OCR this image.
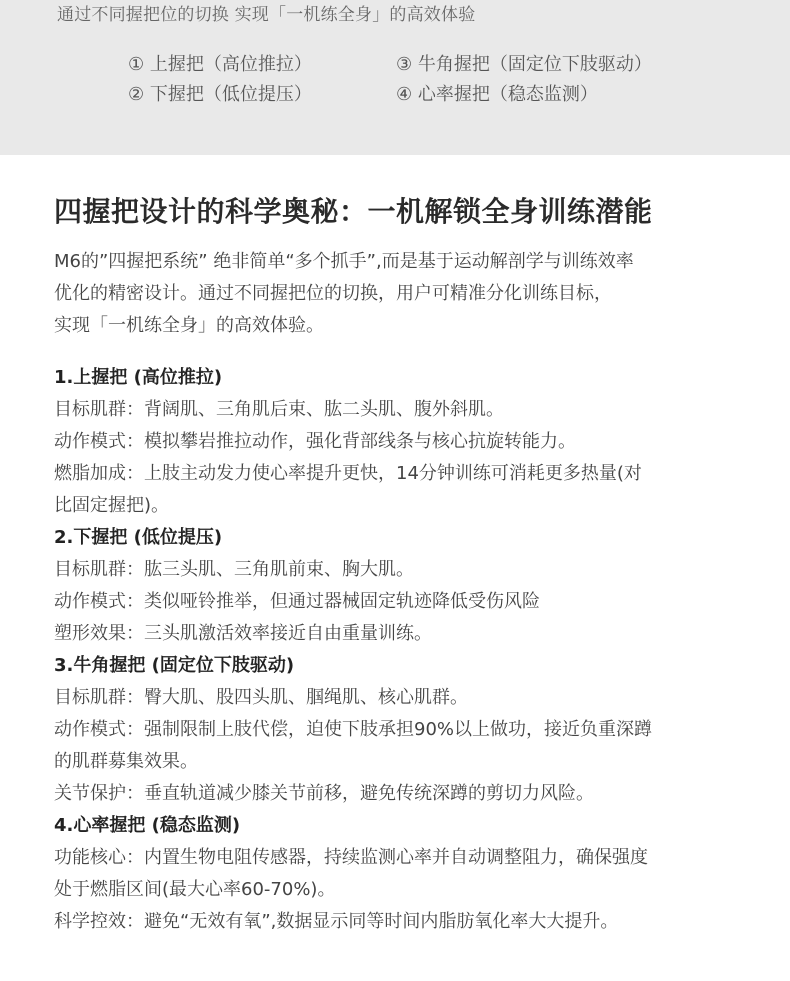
通过不同握把位的切换 实现「一机练全身」的高效体验
① 上握把（高位推拉）
② 下握把（低位提压）
③ 牛角握把（固定位下肢驱动）
④ 心率握把（稳态监测）
四握把设计的科学奥秘：一机解锁全身训练潜能
M6的”四握把系统” 绝非简单“多个抓手”,而是基于运动解剖学与训练效率
优化的精密设计。通过不同握把位的切换，用户可精准分化训练目标，
实现「一机练全身」的高效体验。
1.上握把 (高位推拉)
目标肌群：背阔肌、三角肌后束、肱二头肌、腹外斜肌。
动作模式：模拟攀岩推拉动作，强化背部线条与核心抗旋转能力。
燃脂加成：上肢主动发力使心率提升更快，14分钟训练可消耗更多热量(对
比固定握把)。
2.下握把 (低位提压)
目标肌群：肱三头肌、三角肌前束、胸大肌。
动作模式：类似哑铃推举，但通过器械固定轨迹降低受伤风险
塑形效果：三头肌激活效率接近自由重量训练。
3.牛角握把 (固定位下肢驱动)
目标肌群：臀大肌、股四头肌、腘绳肌、核心肌群。
动作模式：强制限制上肢代偿，迫使下肢承担90%以上做功，接近负重深蹲
的肌群募集效果。
关节保护：垂直轨道减少膝关节前移，避免传统深蹲的剪切力风险。
4.心率握把 (稳态监测)
功能核心：内置生物电阻传感器，持续监测心率并自动调整阻力，确保强度
处于燃脂区间(最大心率60-70%)。
科学控效：避免“无效有氧”,数据显示同等时间内脂肪氧化率大大提升。
